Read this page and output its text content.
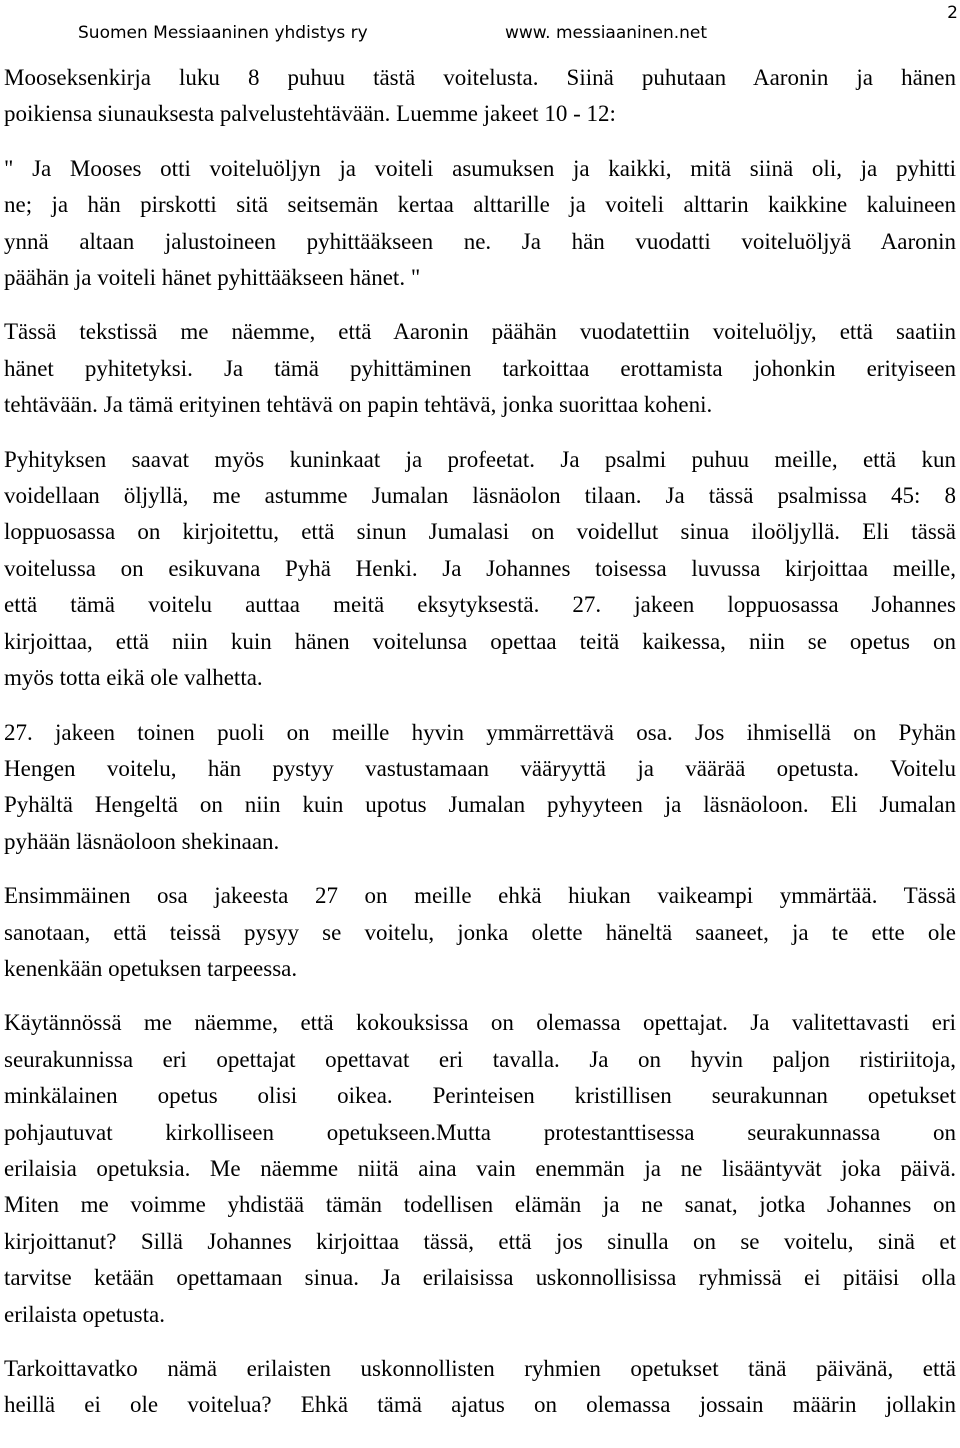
Suomen Messiaaninen yhdistys ry	www. messiaaninen.net
2

Mooseksenkirja luku 8 puhuu tästä voitelusta. Siinä puhutaan Aaronin ja hänen
poikiensa siunauksesta palvelustehtävään. Luemme jakeet 10 - 12:

" Ja Mooses otti voiteluöljyn ja voiteli asumuksen ja kaikki, mitä siinä oli, ja pyhitti
ne; ja hän pirskotti sitä seitsemän kertaa alttarille ja voiteli alttarin kaikkine kaluineen
ynnä altaan jalustoineen pyhittääkseen ne. Ja hän vuodatti voiteluöljyä Aaronin
päähän ja voiteli hänet pyhittääkseen hänet. "

Tässä tekstissä me näemme, että Aaronin päähän vuodatettiin voiteluöljy, että saatiin
hänet pyhitetyksi. Ja tämä pyhittäminen tarkoittaa erottamista johonkin erityiseen
tehtävään. Ja tämä erityinen tehtävä on papin tehtävä, jonka suorittaa koheni.

Pyhityksen saavat myös kuninkaat ja profeetat. Ja psalmi puhuu meille, että kun
voidellaan öljyllä, me astumme Jumalan läsnäolon tilaan. Ja tässä psalmissa 45: 8
loppuosassa on kirjoitettu, että sinun Jumalasi on voidellut sinua iloöljyllä. Eli tässä
voitelussa on esikuvana Pyhä Henki. Ja Johannes toisessa luvussa kirjoittaa meille,
että tämä voitelu auttaa meitä eksytyksestä. 27. jakeen loppuosassa Johannes
kirjoittaa, että niin kuin hänen voitelunsa opettaa teitä kaikessa, niin se opetus on
myös totta eikä ole valhetta.

27. jakeen toinen puoli on meille hyvin ymmärrettävä osa. Jos ihmisellä on Pyhän
Hengen voitelu, hän pystyy vastustamaan vääryyttä ja väärää opetusta. Voitelu
Pyhältä Hengeltä on niin kuin upotus Jumalan pyhyyteen ja läsnäoloon. Eli Jumalan
pyhään läsnäoloon shekinaan.

Ensimmäinen osa jakeesta 27 on meille ehkä hiukan vaikeampi ymmärtää. Tässä
sanotaan, että teissä pysyy se voitelu, jonka olette häneltä saaneet, ja te ette ole
kenenkään opetuksen tarpeessa.

Käytännössä me näemme, että kokouksissa on olemassa opettajat. Ja valitettavasti eri
seurakunnissa eri opettajat opettavat eri tavalla. Ja on hyvin paljon ristiriitoja,
minkälainen opetus olisi oikea. Perinteisen kristillisen seurakunnan opetukset
pohjautuvat kirkolliseen opetukseen.Mutta protestanttisessa seurakunnassa on
erilaisia opetuksia. Me näemme niitä aina vain enemmän ja ne lisääntyvät joka päivä.
Miten me voimme yhdistää tämän todellisen elämän ja ne sanat, jotka Johannes on
kirjoittanut? Sillä Johannes kirjoittaa tässä, että jos sinulla on se voitelu, sinä et
tarvitse ketään opettamaan sinua. Ja erilaisissa uskonnollisissa ryhmissä ei pitäisi olla
erilaista opetusta.

Tarkoittavatko nämä erilaisten uskonnollisten ryhmien opetukset tänä päivänä, että
heillä ei ole voitelua? Ehkä tämä ajatus on olemassa jossain määrin jollakin
